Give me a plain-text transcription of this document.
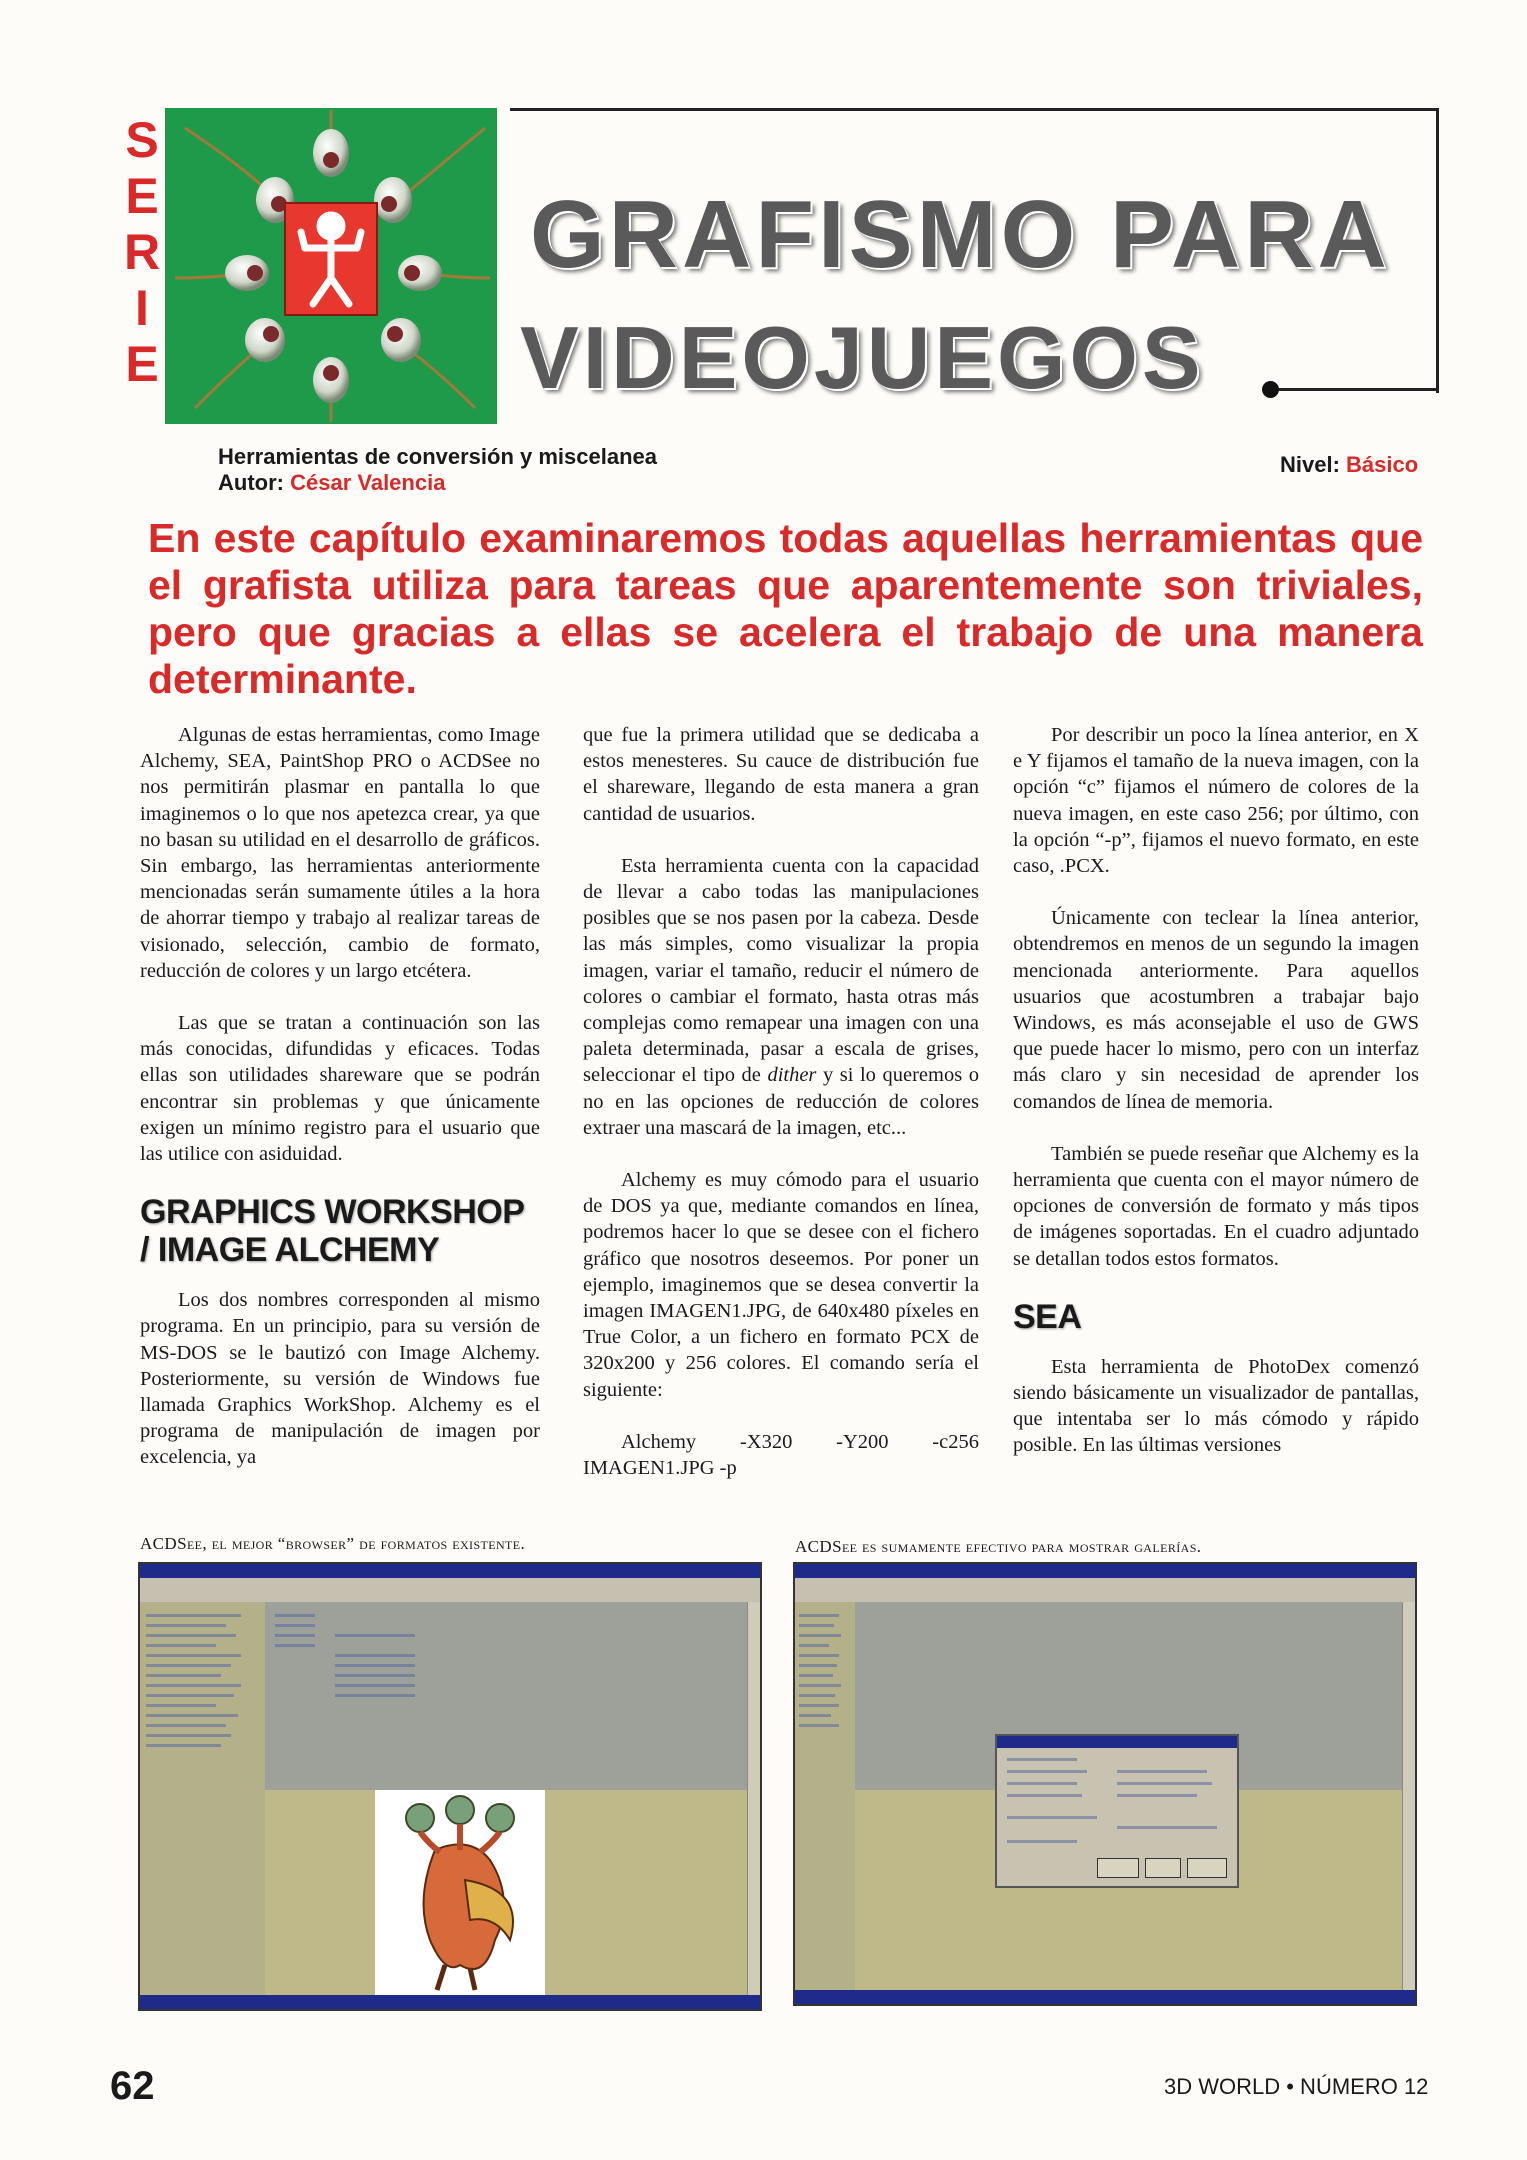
S
E
R
I
E
GRAFISMO PARA
VIDEOJUEGOS
Herramientas de conversión y miscelanea
Autor: César Valencia
Nivel: Básico
En este capítulo examinaremos todas aquellas herramientas que el grafista utiliza para tareas que aparentemente son triviales, pero que gracias a ellas se acelera el trabajo de una manera determinante.

Algunas de estas herramientas, como Image Alchemy, SEA, PaintShop PRO o ACDSee no nos permitirán plasmar en pantalla lo que imaginemos o lo que nos apetezca crear, ya que no basan su utilidad en el desarrollo de gráficos. Sin embargo, las herramientas anteriormente mencionadas serán sumamente útiles a la hora de ahorrar tiempo y trabajo al realizar tareas de visionado, selección, cambio de formato, reducción de colores y un largo etcétera.

Las que se tratan a continuación son las más conocidas, difundidas y eficaces. Todas ellas son utilidades shareware que se podrán encontrar sin problemas y que únicamente exigen un mínimo registro para el usuario que las utilice con asiduidad.

GRAPHICS WORKSHOP / IMAGE ALCHEMY

Los dos nombres corresponden al mismo programa. En un principio, para su versión de MS-DOS se le bautizó con Image Alchemy. Posteriormente, su versión de Windows fue llamada Graphics WorkShop. Alchemy es el programa de manipulación de imagen por excelencia, ya

que fue la primera utilidad que se dedicaba a estos menesteres. Su cauce de distribución fue el shareware, llegando de esta manera a gran cantidad de usuarios.

Esta herramienta cuenta con la capacidad de llevar a cabo todas las manipulaciones posibles que se nos pasen por la cabeza. Desde las más simples, como visualizar la propia imagen, variar el tamaño, reducir el número de colores o cambiar el formato, hasta otras más complejas como remapear una imagen con una paleta determinada, pasar a escala de grises, seleccionar el tipo de dither y si lo queremos o no en las opciones de reducción de colores extraer una mascará de la imagen, etc...

Alchemy es muy cómodo para el usuario de DOS ya que, mediante comandos en línea, podremos hacer lo que se desee con el fichero gráfico que nosotros deseemos. Por poner un ejemplo, imaginemos que se desea convertir la imagen IMAGEN1.JPG, de 640x480 píxeles en True Color, a un fichero en formato PCX de 320x200 y 256 colores. El comando sería el siguiente:

Alchemy -X320 -Y200 -c256 IMAGEN1.JPG -p

Por describir un poco la línea anterior, en X e Y fijamos el tamaño de la nueva imagen, con la opción “c” fijamos el número de colores de la nueva imagen, en este caso 256; por último, con la opción “-p”, fijamos el nuevo formato, en este caso, .PCX.

Únicamente con teclear la línea anterior, obtendremos en menos de un segundo la imagen mencionada anteriormente. Para aquellos usuarios que acostumbren a trabajar bajo Windows, es más aconsejable el uso de GWS que puede hacer lo mismo, pero con un interfaz más claro y sin necesidad de aprender los comandos de línea de memoria.

También se puede reseñar que Alchemy es la herramienta que cuenta con el mayor número de opciones de conversión de formato y más tipos de imágenes soportadas. En el cuadro adjuntado se detallan todos estos formatos.

SEA

Esta herramienta de PhotoDex comenzó siendo básicamente un visualizador de pantallas, que intentaba ser lo más cómodo y rápido posible. En las últimas versiones

ACDSee, el mejor “browser” de formatos existente.	ACDSee es sumamente efectivo para mostrar galerías.
62	3D WORLD • NÚMERO 12
